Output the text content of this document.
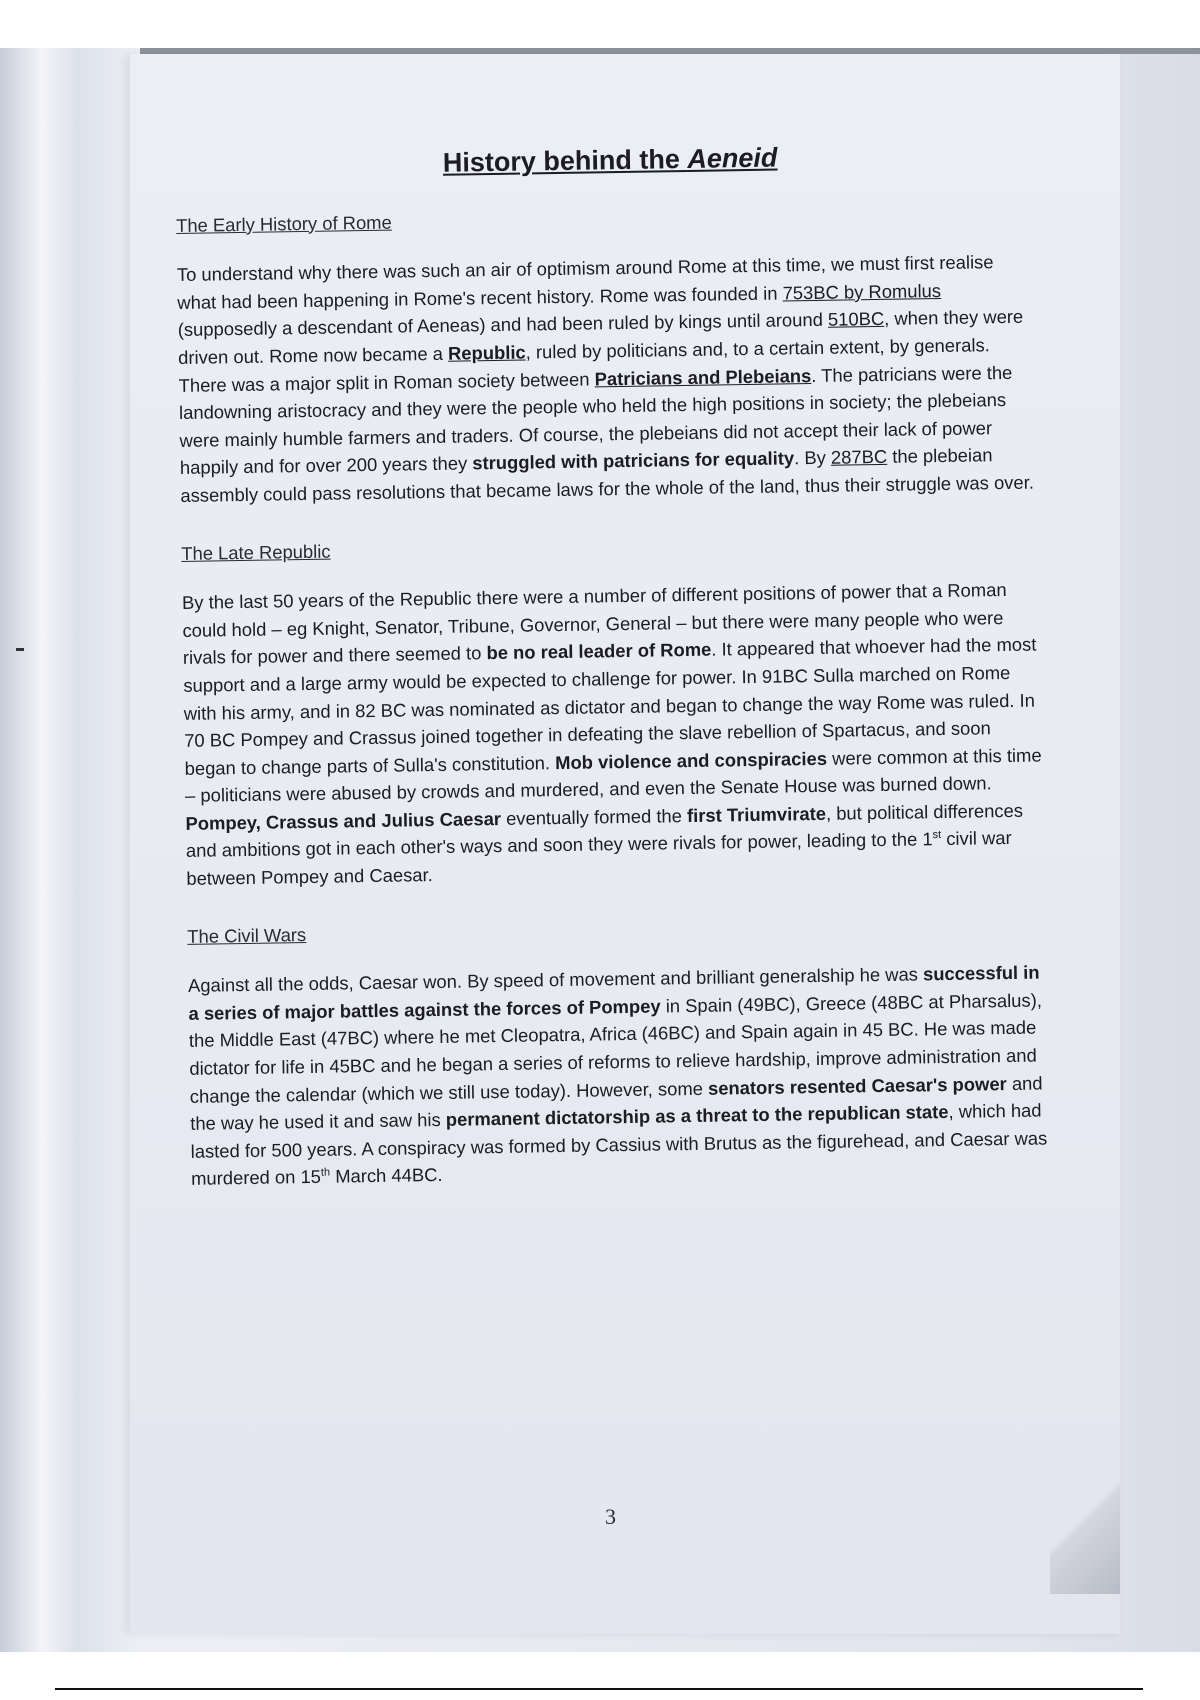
History behind the Aeneid
The Early History of Rome

To understand why there was such an air of optimism around Rome at this time, we must first realise what had been happening in Rome's recent history. Rome was founded in 753BC by Romulus (supposedly a descendant of Aeneas) and had been ruled by kings until around 510BC, when they were driven out. Rome now became a Republic, ruled by politicians and, to a certain extent, by generals. There was a major split in Roman society between Patricians and Plebeians. The patricians were the landowning aristocracy and they were the people who held the high positions in society; the plebeians were mainly humble farmers and traders. Of course, the plebeians did not accept their lack of power happily and for over 200 years they struggled with patricians for equality. By 287BC the plebeian assembly could pass resolutions that became laws for the whole of the land, thus their struggle was over.

The Late Republic

By the last 50 years of the Republic there were a number of different positions of power that a Roman could hold – eg Knight, Senator, Tribune, Governor, General – but there were many people who were rivals for power and there seemed to be no real leader of Rome. It appeared that whoever had the most support and a large army would be expected to challenge for power. In 91BC Sulla marched on Rome with his army, and in 82 BC was nominated as dictator and began to change the way Rome was ruled. In 70 BC Pompey and Crassus joined together in defeating the slave rebellion of Spartacus, and soon began to change parts of Sulla's constitution. Mob violence and conspiracies were common at this time – politicians were abused by crowds and murdered, and even the Senate House was burned down. Pompey, Crassus and Julius Caesar eventually formed the first Triumvirate, but political differences and ambitions got in each other's ways and soon they were rivals for power, leading to the 1st civil war between Pompey and Caesar.

The Civil Wars

Against all the odds, Caesar won. By speed of movement and brilliant generalship he was successful in a series of major battles against the forces of Pompey in Spain (49BC), Greece (48BC at Pharsalus), the Middle East (47BC) where he met Cleopatra, Africa (46BC) and Spain again in 45 BC. He was made dictator for life in 45BC and he began a series of reforms to relieve hardship, improve administration and change the calendar (which we still use today). However, some senators resented Caesar's power and the way he used it and saw his permanent dictatorship as a threat to the republican state, which had lasted for 500 years. A conspiracy was formed by Cassius with Brutus as the figurehead, and Caesar was murdered on 15th March 44BC.

3
